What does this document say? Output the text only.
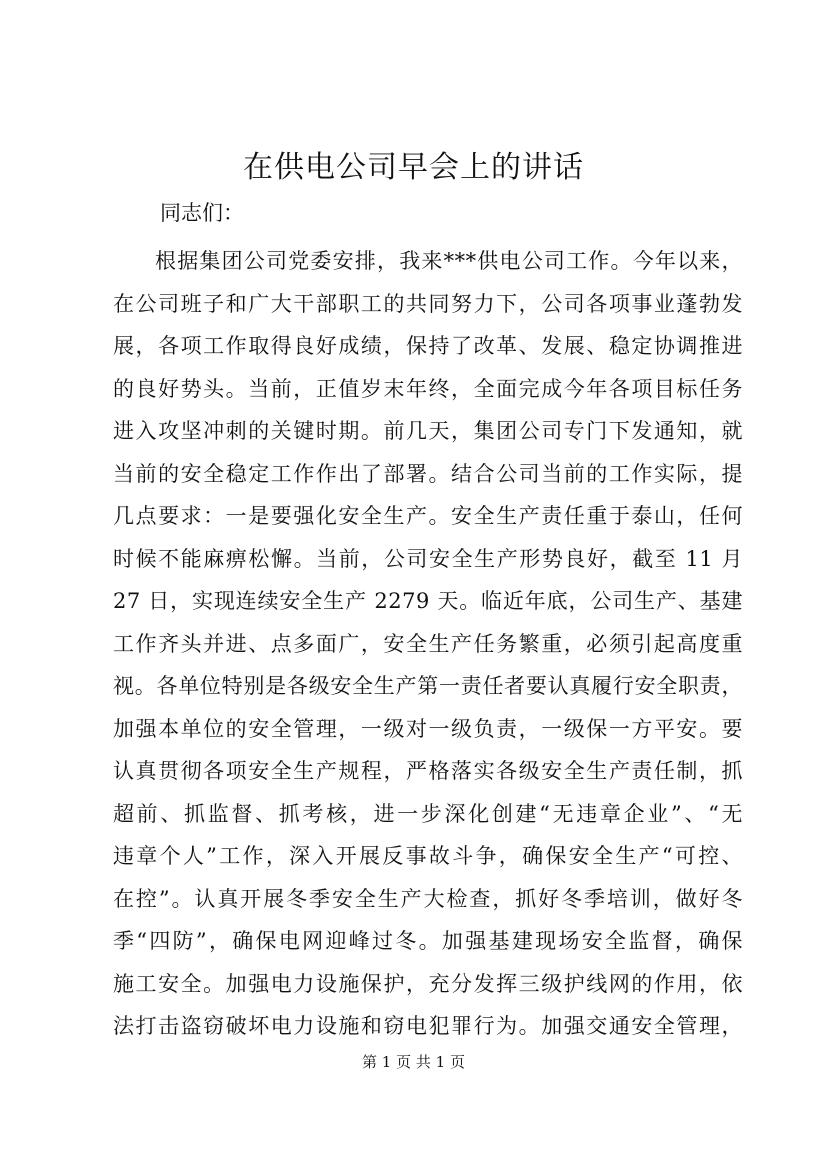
在供电公司早会上的讲话

同志们：

根据集团公司党委安排，我来***供电公司工作。今年以来，
在公司班子和广大干部职工的共同努力下，公司各项事业蓬勃发
展，各项工作取得良好成绩，保持了改革、发展、稳定协调推进
的良好势头。当前，正值岁末年终，全面完成今年各项目标任务
进入攻坚冲刺的关键时期。前几天，集团公司专门下发通知，就
当前的安全稳定工作作出了部署。结合公司当前的工作实际，提
几点要求：一是要强化安全生产。安全生产责任重于泰山，任何
时候不能麻痹松懈。当前，公司安全生产形势良好，截至 11 月
27 日，实现连续安全生产 2279 天。临近年底，公司生产、基建
工作齐头并进、点多面广，安全生产任务繁重，必须引起高度重
视。各单位特别是各级安全生产第一责任者要认真履行安全职责，
加强本单位的安全管理，一级对一级负责，一级保一方平安。要
认真贯彻各项安全生产规程，严格落实各级安全生产责任制，抓
超前、抓监督、抓考核，进一步深化创建“无违章企业”、“无
违章个人”工作，深入开展反事故斗争，确保安全生产“可控、
在控”。认真开展冬季安全生产大检查，抓好冬季培训，做好冬
季“四防”，确保电网迎峰过冬。加强基建现场安全监督，确保
施工安全。加强电力设施保护，充分发挥三级护线网的作用，依
法打击盗窃破坏电力设施和窃电犯罪行为。加强交通安全管理，

第 1 页 共 1 页
